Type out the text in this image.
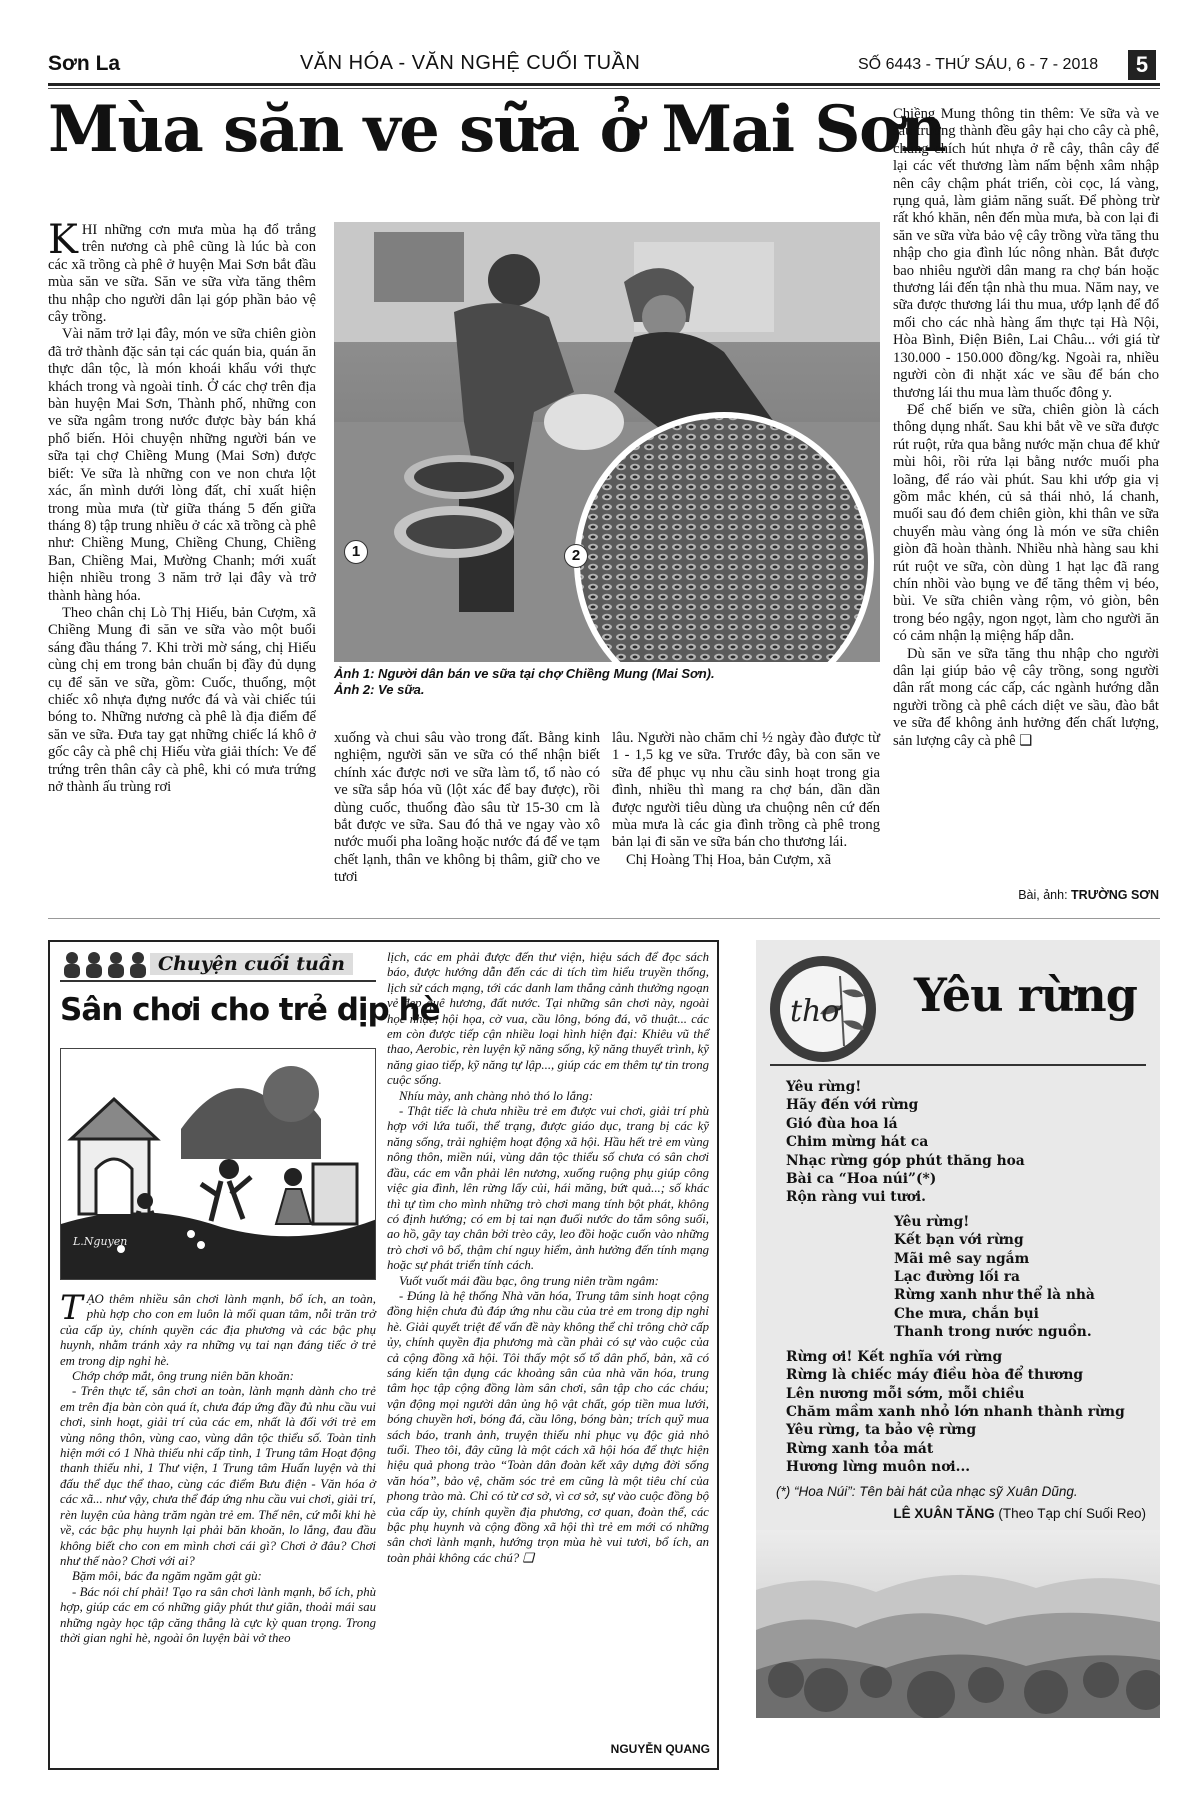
Sơn La	VĂN HÓA - VĂN NGHỆ CUỐI TUẦN	SỐ 6443 - THỨ SÁU, 6 - 7 - 2018	5
Mùa săn ve sữa ở Mai Sơn

KHI những cơn mưa mùa hạ đổ trắng trên nương cà phê cũng là lúc bà con các xã trồng cà phê ở huyện Mai Sơn bắt đầu mùa săn ve sữa. Săn ve sữa vừa tăng thêm thu nhập cho người dân lại góp phần bảo vệ cây trồng.

Vài năm trở lại đây, món ve sữa chiên giòn đã trở thành đặc sản tại các quán bia, quán ăn thực dân tộc, là món khoái khẩu với thực khách trong và ngoài tỉnh. Ở các chợ trên địa bàn huyện Mai Sơn, Thành phố, những con ve sữa ngâm trong nước được bày bán khá phổ biến. Hỏi chuyện những người bán ve sữa tại chợ Chiềng Mung (Mai Sơn) được biết: Ve sữa là những con ve non chưa lột xác, ẩn mình dưới lòng đất, chỉ xuất hiện trong mùa mưa (từ giữa tháng 5 đến giữa tháng 8) tập trung nhiều ở các xã trồng cà phê như: Chiềng Mung, Chiềng Chung, Chiềng Ban, Chiềng Mai, Mường Chanh; mới xuất hiện nhiều trong 3 năm trở lại đây và trở thành hàng hóa.

Theo chân chị Lò Thị Hiếu, bản Cượm, xã Chiềng Mung đi săn ve sữa vào một buổi sáng đầu tháng 7. Khi trời mờ sáng, chị Hiếu cùng chị em trong bản chuẩn bị đầy đủ dụng cụ để săn ve sữa, gồm: Cuốc, thuổng, một chiếc xô nhựa đựng nước đá và vài chiếc túi bóng to. Những nương cà phê là địa điểm để săn ve sữa. Đưa tay gạt những chiếc lá khô ở gốc cây cà phê chị Hiếu vừa giải thích: Ve để trứng trên thân cây cà phê, khi có mưa trứng nở thành ấu trùng rơi

1	2
Ảnh 1: Người dân bán ve sữa tại chợ Chiềng Mung (Mai Sơn).
Ảnh 2: Ve sữa.

xuống và chui sâu vào trong đất. Bằng kinh nghiệm, người săn ve sữa có thể nhận biết chính xác được nơi ve sữa làm tổ, tổ nào có ve sữa sắp hóa vũ (lột xác để bay được), rồi dùng cuốc, thuổng đào sâu từ 15-30 cm là bắt được ve sữa. Sau đó thả ve ngay vào xô nước muối pha loãng hoặc nước đá để ve tạm chết lạnh, thân ve không bị thâm, giữ cho ve tươi

lâu. Người nào chăm chỉ ½ ngày đào được từ 1 - 1,5 kg ve sữa. Trước đây, bà con săn ve sữa để phục vụ nhu cầu sinh hoạt trong gia đình, nhiều thì mang ra chợ bán, dần dần được người tiêu dùng ưa chuộng nên cứ đến mùa mưa là các gia đình trồng cà phê trong bản lại đi săn ve sữa bán cho thương lái.

Chị Hoàng Thị Hoa, bản Cượm, xã

Chiềng Mung thông tin thêm: Ve sữa và ve sầu trưởng thành đều gây hại cho cây cà phê, chúng chích hút nhựa ở rễ cây, thân cây để lại các vết thương làm nấm bệnh xâm nhập nên cây chậm phát triển, còi cọc, lá vàng, rụng quả, làm giảm năng suất. Để phòng trừ rất khó khăn, nên đến mùa mưa, bà con lại đi săn ve sữa vừa bảo vệ cây trồng vừa tăng thu nhập cho gia đình lúc nông nhàn. Bắt được bao nhiêu người dân mang ra chợ bán hoặc thương lái đến tận nhà thu mua. Năm nay, ve sữa được thương lái thu mua, ướp lạnh để đổ mối cho các nhà hàng ẩm thực tại Hà Nội, Hòa Bình, Điện Biên, Lai Châu... với giá từ 130.000 - 150.000 đồng/kg. Ngoài ra, nhiều người còn đi nhặt xác ve sầu để bán cho thương lái thu mua làm thuốc đông y.

Để chế biến ve sữa, chiên giòn là cách thông dụng nhất. Sau khi bắt về ve sữa được rút ruột, rửa qua bằng nước mặn chua để khử mùi hôi, rồi rửa lại bằng nước muối pha loãng, để ráo vài phút. Sau khi ướp gia vị gồm mắc khén, củ sả thái nhỏ, lá chanh, muối sau đó đem chiên giòn, khi thân ve sữa chuyển màu vàng óng là món ve sữa chiên giòn đã hoàn thành. Nhiều nhà hàng sau khi rút ruột ve sữa, còn dùng 1 hạt lạc đã rang chín nhồi vào bụng ve để tăng thêm vị béo, bùi. Ve sữa chiên vàng rộm, vỏ giòn, bên trong béo ngậy, ngon ngọt, làm cho người ăn có cảm nhận lạ miệng hấp dẫn.

Dù săn ve sữa tăng thu nhập cho người dân lại giúp bảo vệ cây trồng, song người dân rất mong các cấp, các ngành hướng dẫn người trồng cà phê cách diệt ve sầu, đào bắt ve sữa để không ảnh hưởng đến chất lượng, sản lượng cây cà phê ❑

Bài, ảnh: TRƯỜNG SƠN
Chuyện cuối tuần
Sân chơi cho trẻ dịp hè
L.Nguyen

TẠO thêm nhiều sân chơi lành mạnh, bổ ích, an toàn, phù hợp cho con em luôn là mối quan tâm, nỗi trăn trở của cấp ủy, chính quyền các địa phương và các bậc phụ huynh, nhằm tránh xảy ra những vụ tai nạn đáng tiếc ở trẻ em trong dịp nghỉ hè.

Chớp chớp mắt, ông trung niên băn khoăn:

- Trên thực tế, sân chơi an toàn, lành mạnh dành cho trẻ em trên địa bàn còn quá ít, chưa đáp ứng đầy đủ nhu cầu vui chơi, sinh hoạt, giải trí của các em, nhất là đối với trẻ em vùng nông thôn, vùng cao, vùng dân tộc thiểu số. Toàn tỉnh hiện mới có 1 Nhà thiếu nhi cấp tỉnh, 1 Trung tâm Hoạt động thanh thiếu nhi, 1 Thư viện, 1 Trung tâm Huấn luyện và thi đấu thể dục thể thao, cùng các điểm Bưu điện - Văn hóa ở các xã... như vậy, chưa thể đáp ứng nhu cầu vui chơi, giải trí, rèn luyện của hàng trăm ngàn trẻ em. Thế nên, cứ mỗi khi hè về, các bậc phụ huynh lại phải băn khoăn, lo lắng, đau đầu không biết cho con em mình chơi cái gì? Chơi ở đâu? Chơi như thế nào? Chơi với ai?

Bặm môi, bác đa ngăm ngăm gật gù:

- Bác nói chí phải! Tạo ra sân chơi lành mạnh, bổ ích, phù hợp, giúp các em có những giây phút thư giãn, thoải mái sau những ngày học tập căng thẳng là cực kỳ quan trọng. Trong thời gian nghỉ hè, ngoài ôn luyện bài vở theo

lịch, các em phải được đến thư viện, hiệu sách để đọc sách báo, được hướng dẫn đến các di tích tìm hiểu truyền thống, lịch sử cách mạng, tới các danh lam thắng cảnh thưởng ngoạn vẻ đẹp quê hương, đất nước. Tại những sân chơi này, ngoài học nhạc, hội họa, cờ vua, cầu lông, bóng đá, võ thuật... các em còn được tiếp cận nhiều loại hình hiện đại: Khiêu vũ thể thao, Aerobic, rèn luyện kỹ năng sống, kỹ năng thuyết trình, kỹ năng giao tiếp, kỹ năng tự lập..., giúp các em thêm tự tin trong cuộc sống.

Nhíu mày, anh chàng nhỏ thó lo lắng:

- Thật tiếc là chưa nhiều trẻ em được vui chơi, giải trí phù hợp với lứa tuổi, thể trạng, được giáo dục, trang bị các kỹ năng sống, trải nghiệm hoạt động xã hội. Hầu hết trẻ em vùng nông thôn, miền núi, vùng dân tộc thiểu số chưa có sân chơi đầu, các em vẫn phải lên nương, xuống ruộng phụ giúp công việc gia đình, lên rừng lấy củi, hái măng, bứt quả...; số khác thì tự tìm cho mình những trò chơi mang tính bột phát, không có định hướng; có em bị tai nạn đuối nước do tắm sông suối, ao hồ, gãy tay chân bởi trèo cây, leo đồi hoặc cuốn vào những trò chơi vô bổ, thậm chí nguy hiểm, ảnh hưởng đến tính mạng hoặc sự phát triển tính cách.

Vuốt vuốt mái đầu bạc, ông trung niên trầm ngâm:

- Đúng là hệ thống Nhà văn hóa, Trung tâm sinh hoạt cộng đồng hiện chưa đủ đáp ứng nhu cầu của trẻ em trong dịp nghỉ hè. Giải quyết triệt để vấn đề này không thể chỉ trông chờ cấp ủy, chính quyền địa phương mà cần phải có sự vào cuộc của cả cộng đồng xã hội. Tôi thấy một số tổ dân phố, bản, xã có sáng kiến tận dụng các khoảng sân của nhà văn hóa, trung tâm học tập cộng đồng làm sân chơi, sân tập cho các cháu; vận động mọi người dân ủng hộ vật chất, góp tiền mua lưới, bóng chuyền hơi, bóng đá, cầu lông, bóng bàn; trích quỹ mua sách báo, tranh ảnh, truyện thiếu nhi phục vụ độc giả nhỏ tuổi. Theo tôi, đây cũng là một cách xã hội hóa để thực hiện hiệu quả phong trào “Toàn dân đoàn kết xây dựng đời sống văn hóa”, bảo vệ, chăm sóc trẻ em cũng là một tiêu chí của phong trào mà. Chỉ có từ cơ sở, vì cơ sở, sự vào cuộc đồng bộ của cấp ủy, chính quyền địa phương, cơ quan, đoàn thể, các bậc phụ huynh và cộng đồng xã hội thì trẻ em mới có những sân chơi lành mạnh, hướng trọn mùa hè vui tươi, bổ ích, an toàn phải không các chú? ❑

NGUYỄN QUANG
thơ Yêu rừng
Yêu rừng!
Hãy đến với rừng
Gió đùa hoa lá
Chim mừng hát ca
Nhạc rừng góp phút thăng hoa
Bài ca “Hoa núi”(*)
Rộn ràng vui tươi.
Yêu rừng!
Kết bạn với rừng
Mãi mê say ngắm
Lạc đường lối ra
Rừng xanh như thể là nhà
Che mưa, chắn bụi
Thanh trong nước nguồn.
Rừng ơi! Kết nghĩa với rừng
Rừng là chiếc máy điều hòa để thương
Lên nương mỗi sớm, mỗi chiều
Chăm mầm xanh nhỏ lớn nhanh thành rừng
Yêu rừng, ta bảo vệ rừng
Rừng xanh tỏa mát
Hương lừng muôn nơi...
(*) “Hoa Núi”: Tên bài hát của nhạc sỹ Xuân Dũng.
LÊ XUÂN TĂNG (Theo Tạp chí Suối Reo)
